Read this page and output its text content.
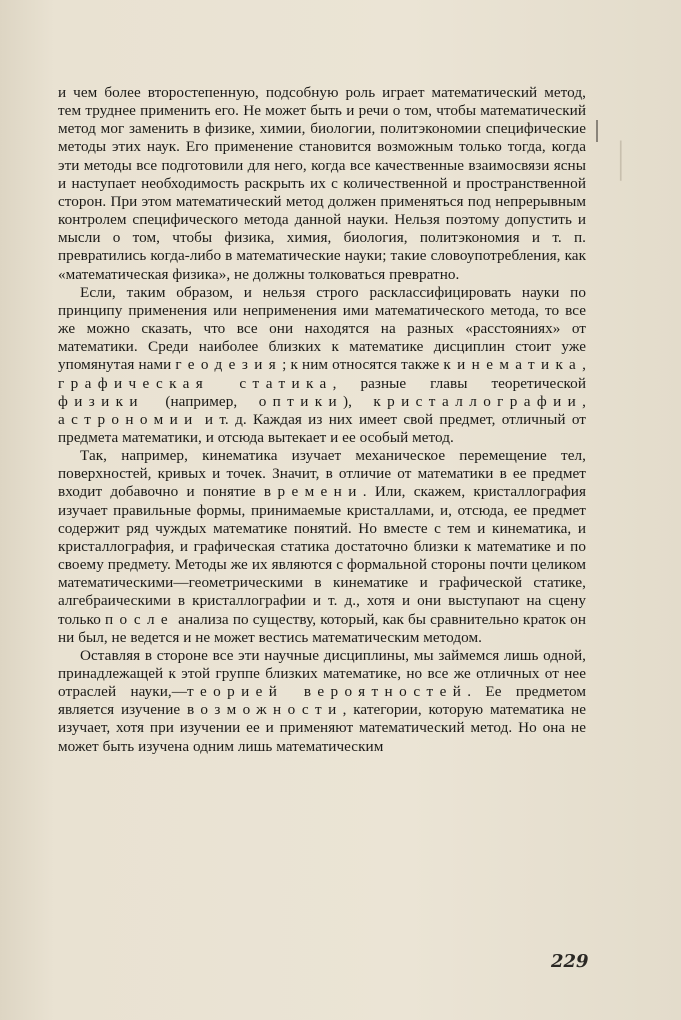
|

и чем более второстепенную, подсобную роль играет математический метод, тем труднее применить его. Не может быть и речи о том, чтобы математический метод мог заменить в физике, химии, биологии, политэкономии специфические методы этих наук. Его применение становится возможным только тогда, когда эти методы все подготовили для него, когда все качественные взаимосвязи ясны и наступает необходимость раскрыть их с количественной и пространственной сторон. При этом математический метод должен применяться под непрерывным контролем специфического метода данной науки. Нельзя поэтому допустить и мысли о том, чтобы физика, химия, биология, политэкономия и т. п. превратились когда-либо в математические науки; такие словоупотребления, как «математическая физика», не должны толковаться превратно.

Если, таким образом, и нельзя строго расклассифицировать науки по принципу применения или неприменения ими математического метода, то все же можно сказать, что все они находятся на разных «расстояниях» от математики. Среди наиболее близких к математике дисциплин стоит уже упомянутая нами геодезия; к ним относятся также кинематика, графическая статика, разные главы теоретической физики (например, оптики), кристаллографии, астрономии и т. д. Каждая из них имеет свой предмет, отличный от предмета математики, и отсюда вытекает и ее особый метод.

Так, например, кинематика изучает механическое перемещение тел, поверхностей, кривых и точек. Значит, в отличие от математики в ее предмет входит добавочно и понятие времени. Или, скажем, кристаллография изучает правильные формы, принимаемые кристаллами, и, отсюда, ее предмет содержит ряд чуждых математике понятий. Но вместе с тем и кинематика, и кристаллография, и графическая статика достаточно близки к математике и по своему предмету. Методы же их являются с формальной стороны почти целиком математическими—геометрическими в кинематике и графической статике, алгебраическими в кристаллографии и т. д., хотя и они выступают на сцену только после анализа по существу, который, как бы сравнительно краток он ни был, не ведется и не может вестись математическим методом.

Оставляя в стороне все эти научные дисциплины, мы займемся лишь одной, принадлежащей к этой группе близких математике, но все же отличных от нее отраслей науки,—теорией вероятностей. Ее предметом является изучение возможности, категории, которую математика не изучает, хотя при изучении ее и применяют математический метод. Но она не может быть изучена одним лишь математическим

229
